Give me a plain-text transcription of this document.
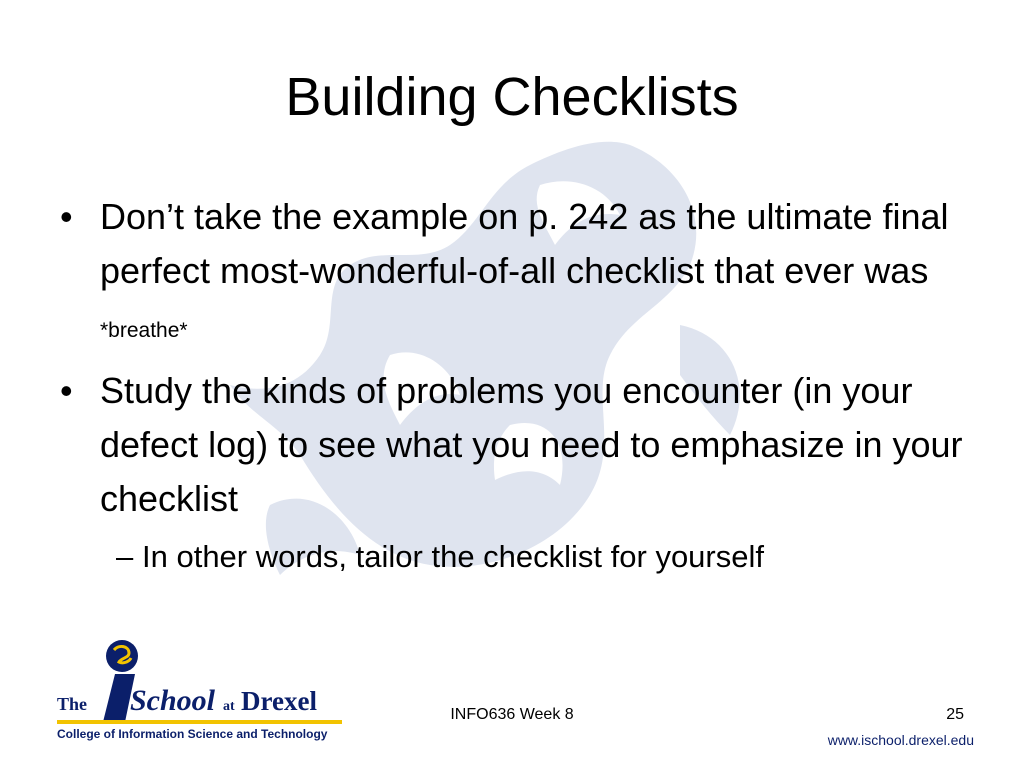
Building Checklists
• Don’t take the example on p. 242 as the ultimate final perfect most-wonderful-of-all checklist that ever was *breathe*
• Study the kinds of problems you encounter (in your defect log) to see what you need to emphasize in your checklist
– In other words, tailor the checklist for yourself
The School at Drexel
College of Information Science and Technology
INFO636 Week 8	25
www.ischool.drexel.edu
